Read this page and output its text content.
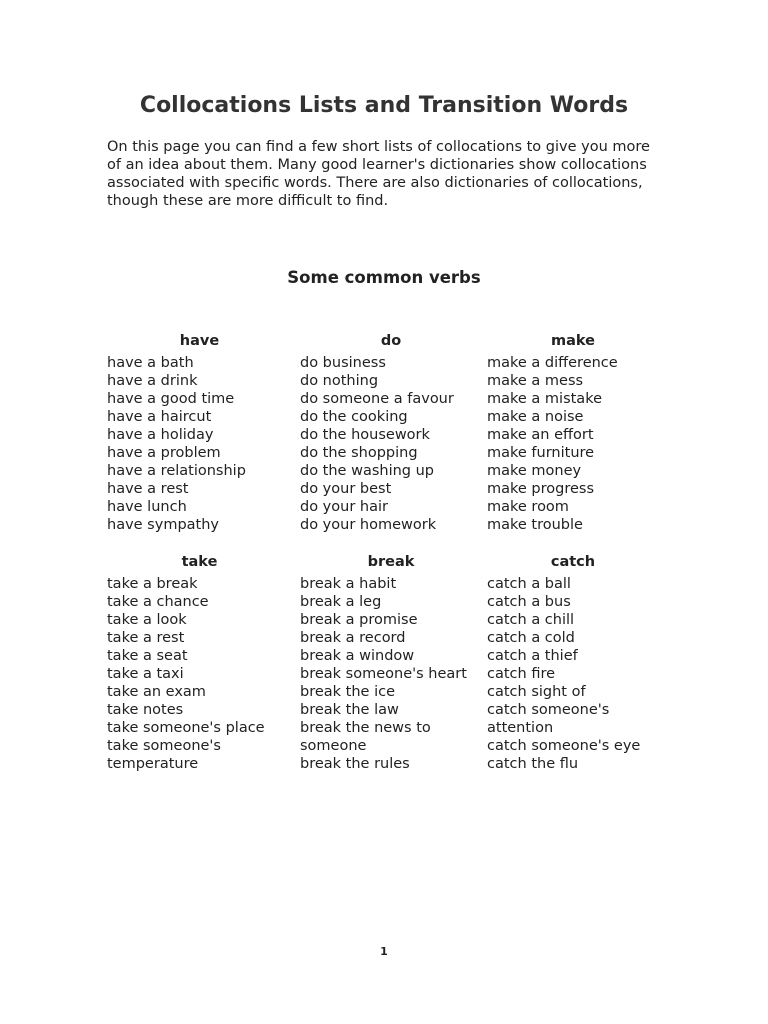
Collocations Lists and Transition Words

On this page you can find a few short lists of collocations to give you more of an idea about them. Many good learner's dictionaries show collocations associated with specific words. There are also dictionaries of collocations, though these are more difficult to find.

Some common verbs
have
have a bath
have a drink
have a good time
have a haircut
have a holiday
have a problem
have a relationship
have a rest
have lunch
have sympathy
do
do business
do nothing
do someone a favour
do the cooking
do the housework
do the shopping
do the washing up
do your best
do your hair
do your homework
make
make a difference
make a mess
make a mistake
make a noise
make an effort
make furniture
make money
make progress
make room
make trouble
take
take a break
take a chance
take a look
take a rest
take a seat
take a taxi
take an exam
take notes
take someone's place
take someone's temperature
break
break a habit
break a leg
break a promise
break a record
break a window
break someone's heart
break the ice
break the law
break the news to someone
break the rules
catch
catch a ball
catch a bus
catch a chill
catch a cold
catch a thief
catch fire
catch sight of
catch someone's attention
catch someone's eye
catch the flu
1
